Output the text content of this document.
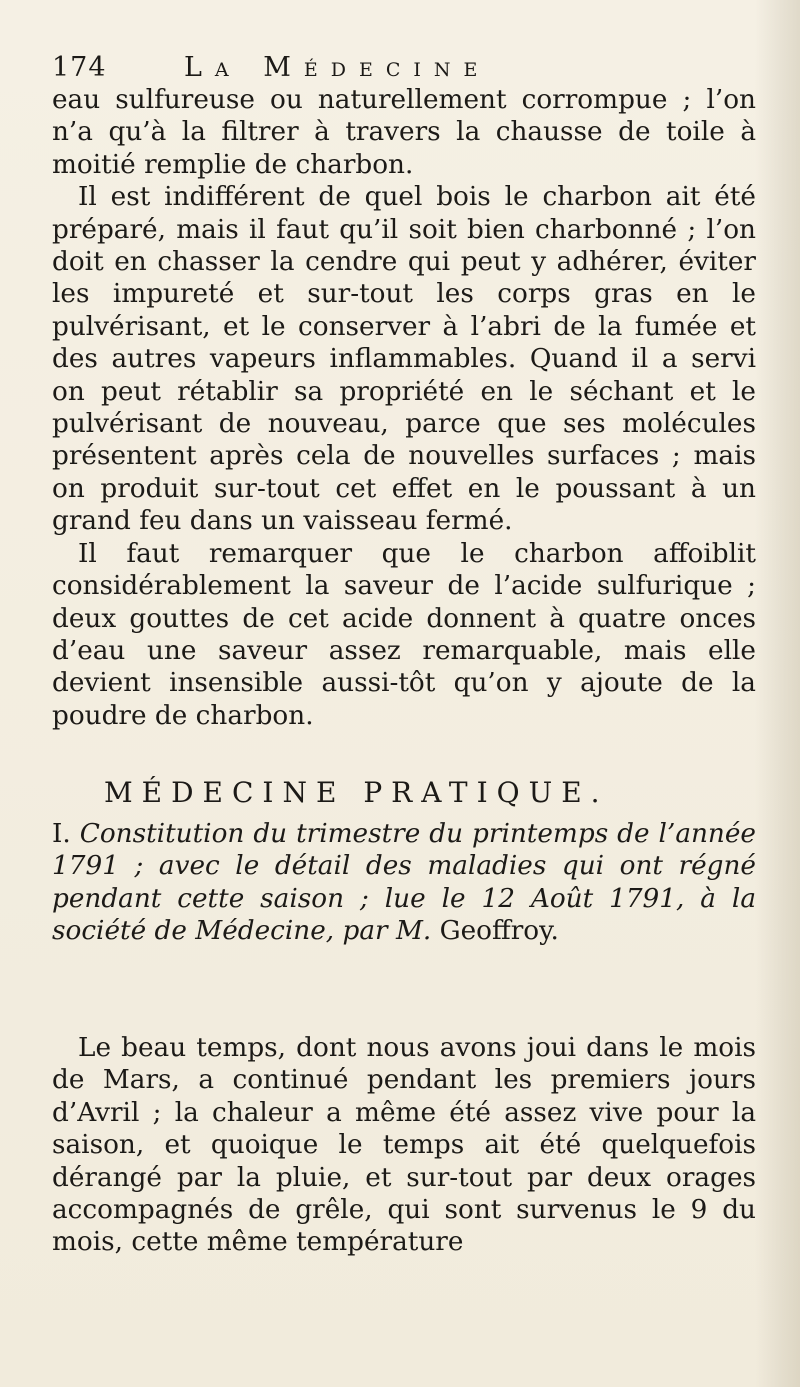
174	La Médecine

eau sulfureuse ou naturellement corrompue ; l’on n’a qu’à la filtrer à travers la chausse de toile à moitié remplie de charbon.

Il est indifférent de quel bois le charbon ait été préparé, mais il faut qu’il soit bien charbonné ; l’on doit en chasser la cendre qui peut y adhérer, éviter les impureté et sur-tout les corps gras en le pulvérisant, et le conserver à l’abri de la fumée et des autres vapeurs inflammables. Quand il a servi on peut rétablir sa propriété en le séchant et le pulvérisant de nouveau, parce que ses molécules présentent après cela de nouvelles surfaces ; mais on produit sur-tout cet effet en le poussant à un grand feu dans un vaisseau fermé.

Il faut remarquer que le charbon affoiblit considérablement la saveur de l’acide sulfurique ; deux gouttes de cet acide donnent à quatre onces d’eau une saveur assez remarquable, mais elle devient insensible aussi-tôt qu’on y ajoute de la poudre de charbon.

MÉDECINE PRATIQUE.
I. Constitution du trimestre du printemps de l’année 1791 ; avec le détail des maladies qui ont régné pendant cette saison ; lue le 12 Août 1791, à la société de Médecine, par M. Geoffroy.

Le beau temps, dont nous avons joui dans le mois de Mars, a continué pendant les premiers jours d’Avril ; la chaleur a même été assez vive pour la saison, et quoique le temps ait été quelquefois dérangé par la pluie, et sur-tout par deux orages accompagnés de grêle, qui sont survenus le 9 du mois, cette même température
